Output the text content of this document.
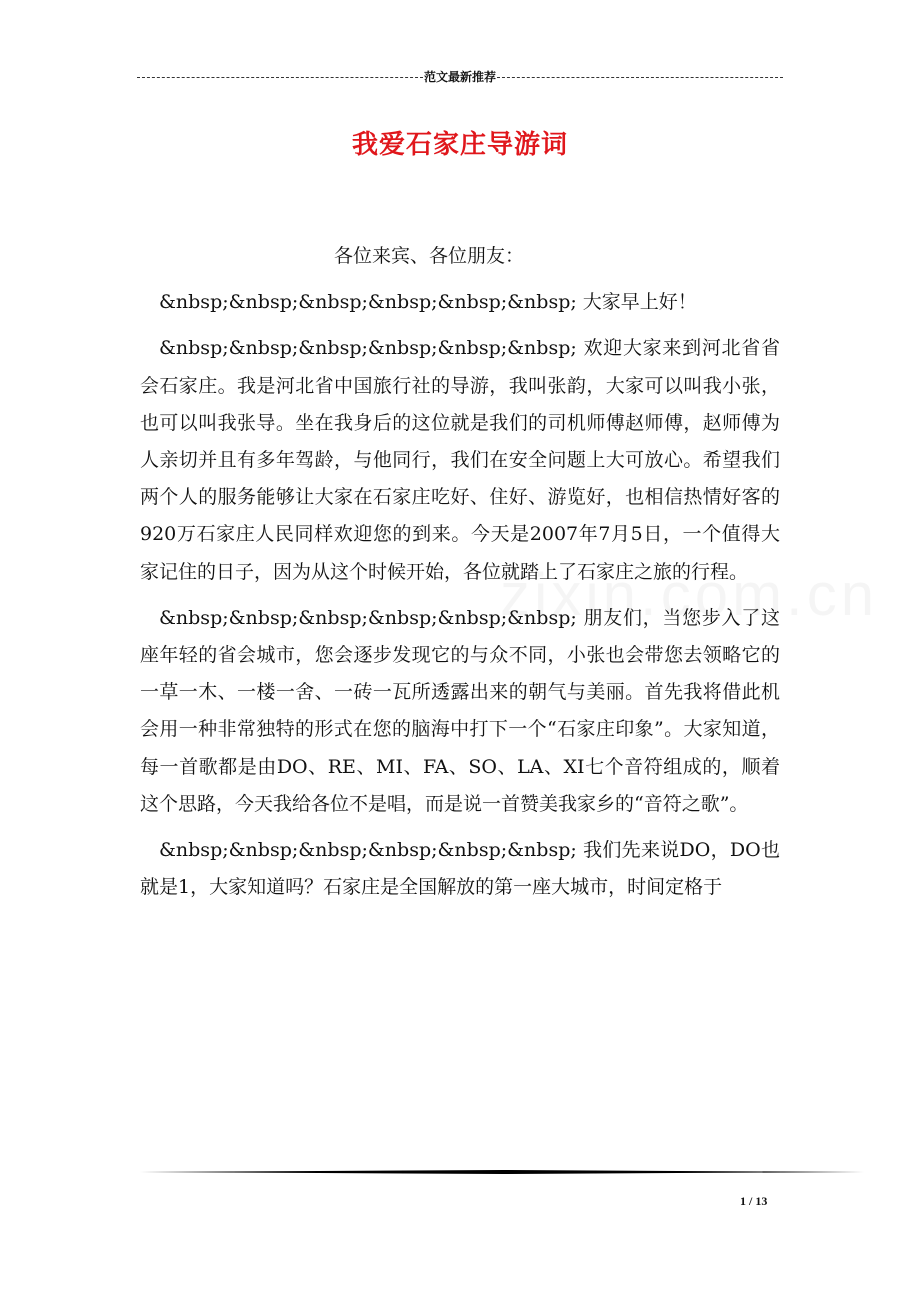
范文最新推荐
我爱石家庄导游词

各位来宾、各位朋友：

&nbsp;&nbsp;&nbsp;&nbsp;&nbsp;&nbsp; 大家早上好！

&nbsp;&nbsp;&nbsp;&nbsp;&nbsp;&nbsp; 欢迎大家来到河北省省会石家庄。我是河北省中国旅行社的导游，我叫张韵，大家可以叫我小张，也可以叫我张导。坐在我身后的这位就是我们的司机师傅赵师傅，赵师傅为人亲切并且有多年驾龄，与他同行，我们在安全问题上大可放心。希望我们两个人的服务能够让大家在石家庄吃好、住好、游览好，也相信热情好客的920万石家庄人民同样欢迎您的到来。今天是2007年7月5日，一个值得大家记住的日子，因为从这个时候开始，各位就踏上了石家庄之旅的行程。

&nbsp;&nbsp;&nbsp;&nbsp;&nbsp;&nbsp; 朋友们，当您步入了这座年轻的省会城市，您会逐步发现它的与众不同，小张也会带您去领略它的一草一木、一楼一舍、一砖一瓦所透露出来的朝气与美丽。首先我将借此机会用一种非常独特的形式在您的脑海中打下一个“石家庄印象”。大家知道，每一首歌都是由DO、RE、MI、FA、SO、LA、XI七个音符组成的，顺着这个思路，今天我给各位不是唱，而是说一首赞美我家乡的“音符之歌”。

&nbsp;&nbsp;&nbsp;&nbsp;&nbsp;&nbsp; 我们先来说DO，DO也就是1，大家知道吗？石家庄是全国解放的第一座大城市，时间定格于

1 / 13
